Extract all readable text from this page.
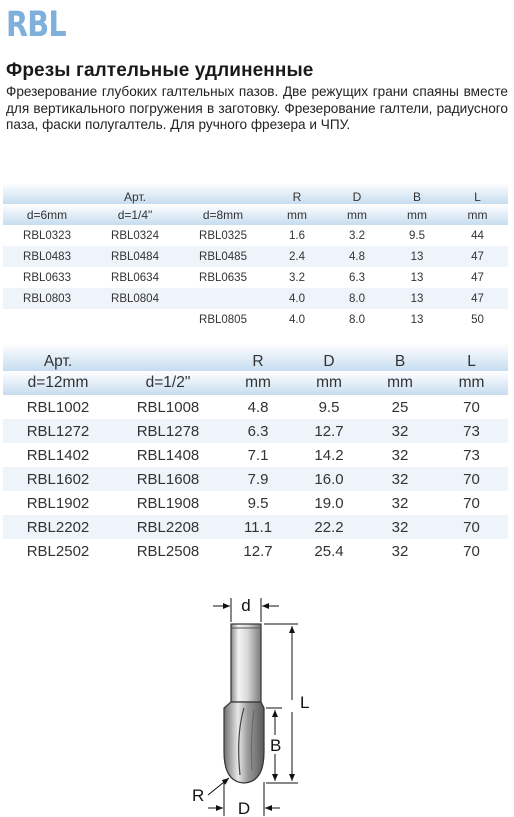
RBL
Фрезы галтельные удлиненные
Фрезерование глубоких галтельных пазов. Две режущих грани спаяны вместе для вертикального погружения в заготовку. Фрезерование галтели, радиусного паза, фаски полугалтель. Для ручного фрезера и ЧПУ.
	Арт.		R	D	B	L
d=6mm	d=1/4"	d=8mm	mm	mm	mm	mm
RBL0323	RBL0324	RBL0325	1.6	3.2	9.5	44
RBL0483	RBL0484	RBL0485	2.4	4.8	13	47
RBL0633	RBL0634	RBL0635	3.2	6.3	13	47
RBL0803	RBL0804		4.0	8.0	13	47
		RBL0805	4.0	8.0	13	50
Арт.		R	D	B	L
d=12mm	d=1/2"	mm	mm	mm	mm
RBL1002	RBL1008	4.8	9.5	25	70
RBL1272	RBL1278	6.3	12.7	32	73
RBL1402	RBL1408	7.1	14.2	32	73
RBL1602	RBL1608	7.9	16.0	32	70
RBL1902	RBL1908	9.5	19.0	32	70
RBL2202	RBL2208	11.1	22.2	32	70
RBL2502	RBL2508	12.7	25.4	32	70
d
L
B
R
D
